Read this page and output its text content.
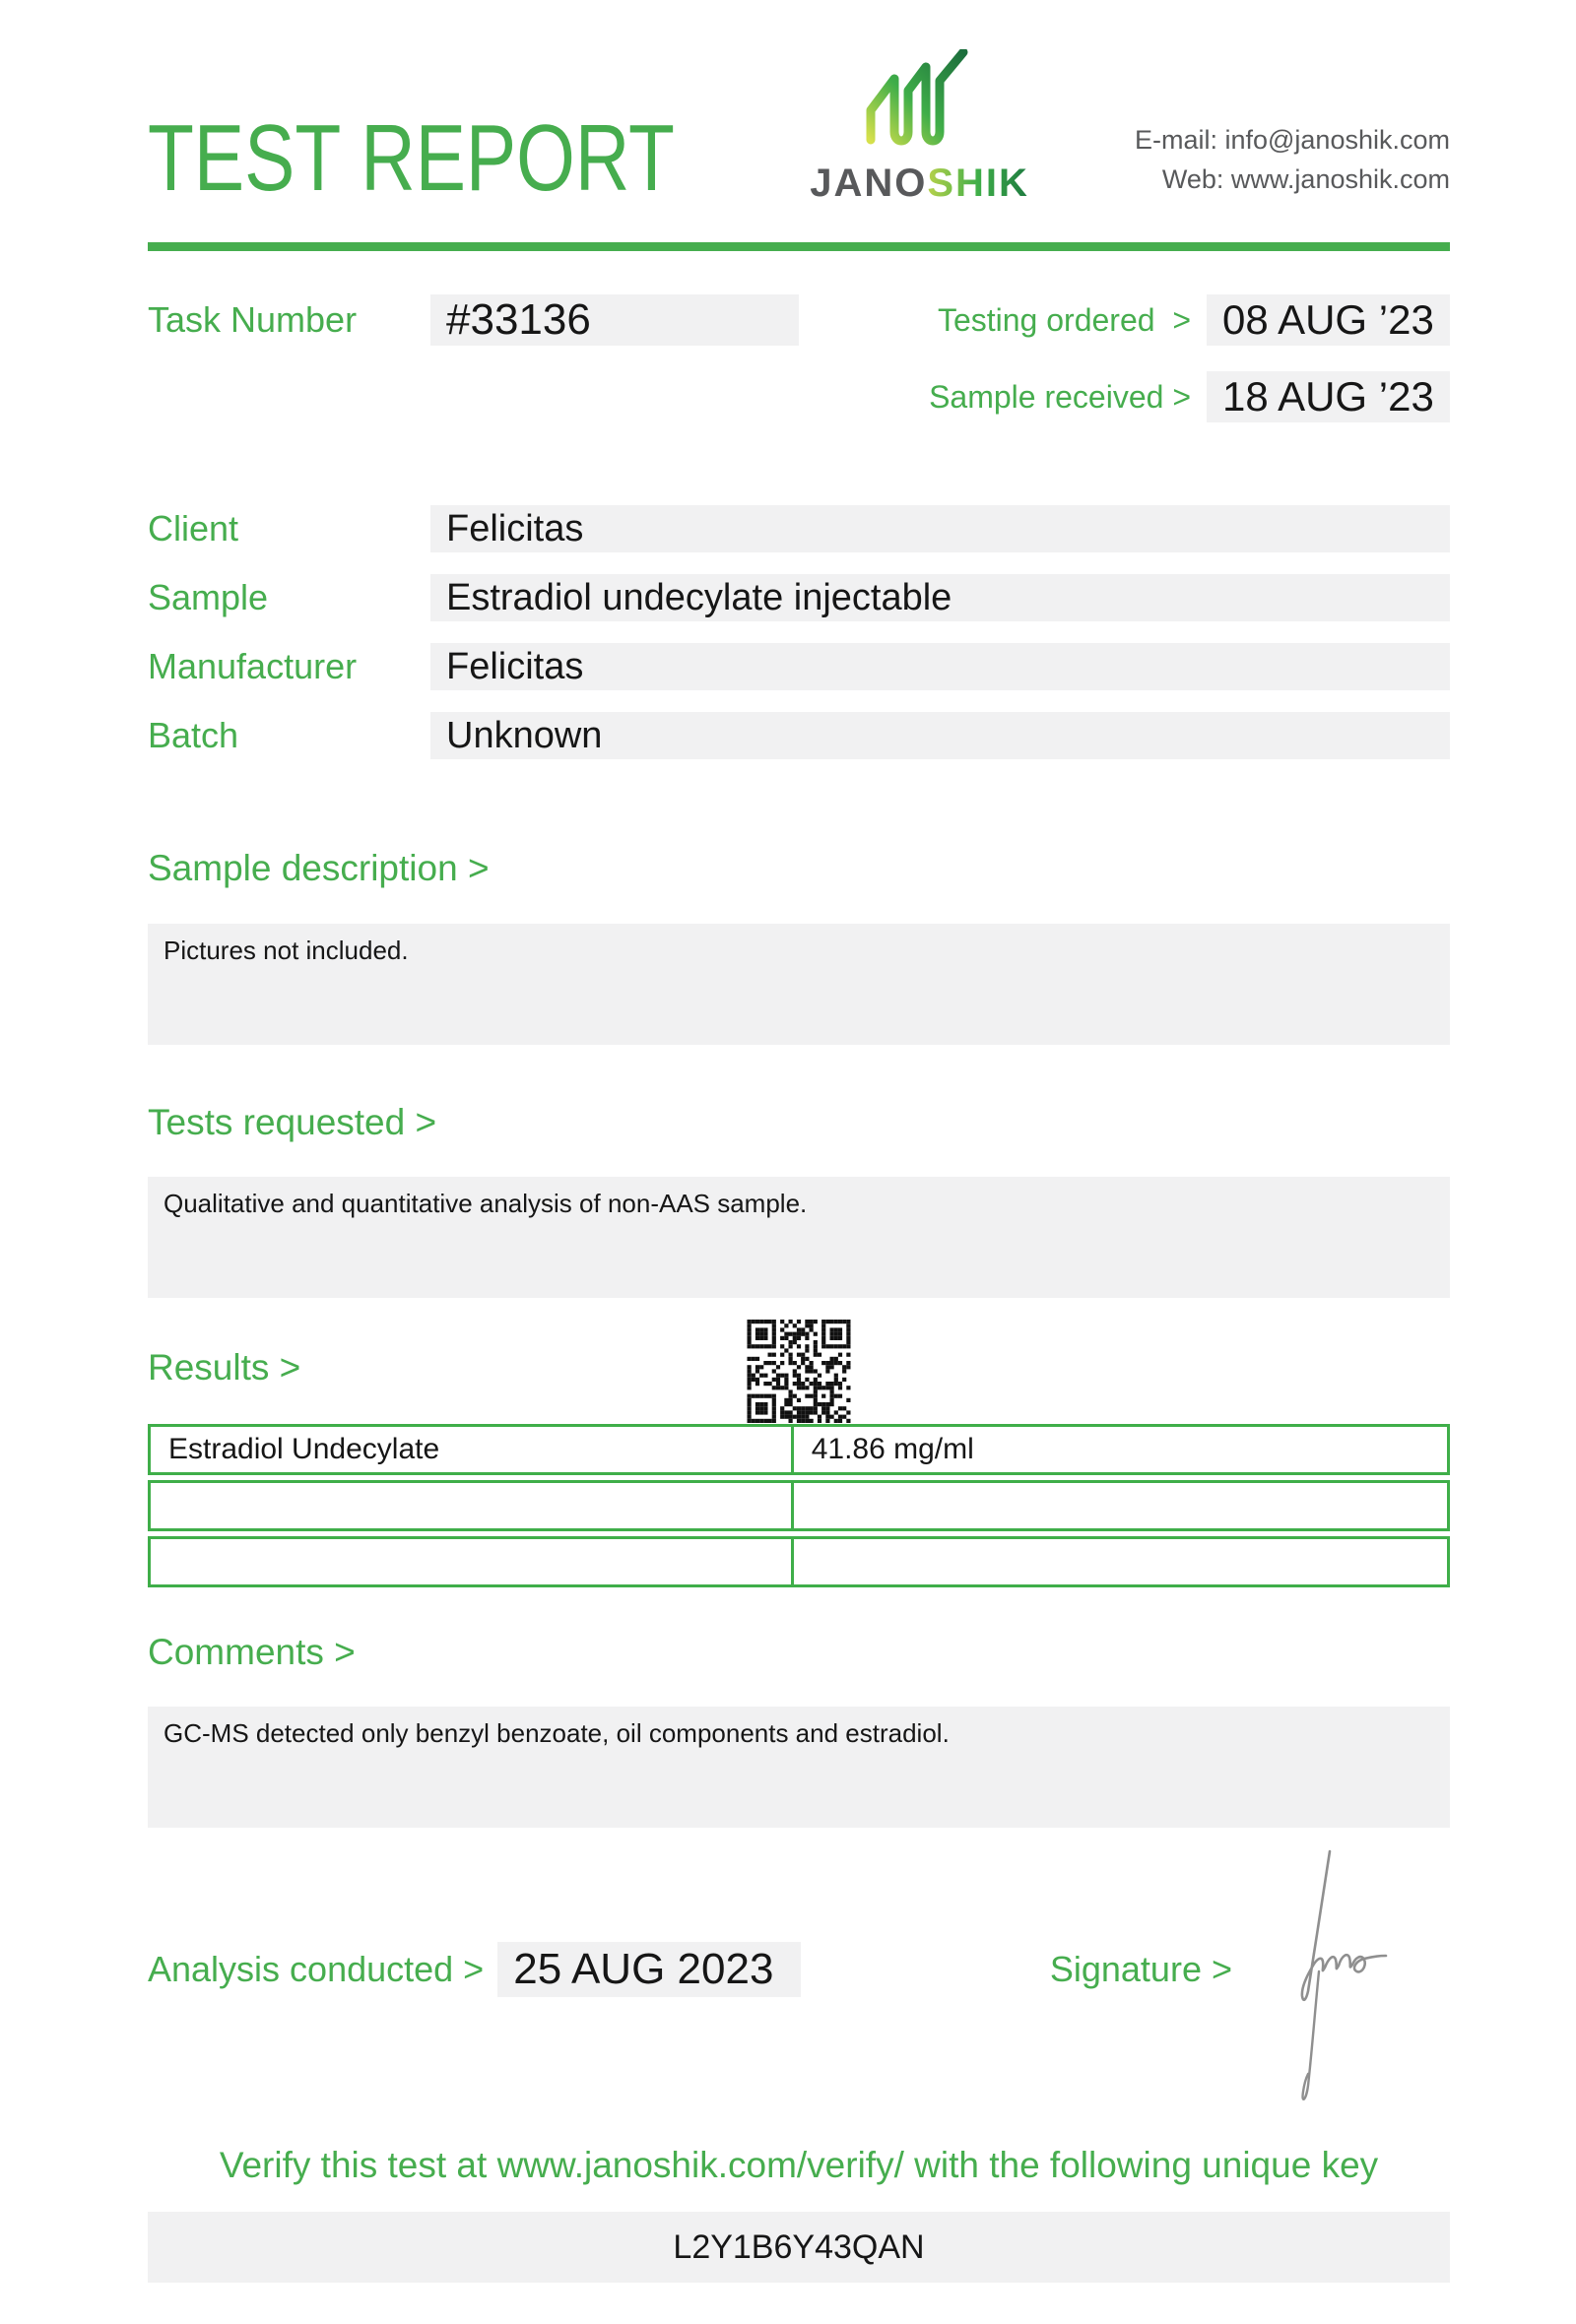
TEST REPORT	JANOSHIK
E-mail: info@janoshik.com
Web: www.janoshik.com
Task Number	#33136	Testing ordered  > 08 AUG ’23
Sample received > 18 AUG ’23
Client	Felicitas
Sample	Estradiol undecylate injectable
Manufacturer	Felicitas
Batch	Unknown
Sample description >
Pictures not included.
Tests requested >
Qualitative and quantitative analysis of non-AAS sample.
Results >
Estradiol Undecylate	41.86 mg/ml

Comments >
GC-MS detected only benzyl benzoate, oil components and estradiol.
Analysis conducted > 25 AUG 2023	Signature >
Verify this test at www.janoshik.com/verify/ with the following unique key
L2Y1B6Y43QAN
